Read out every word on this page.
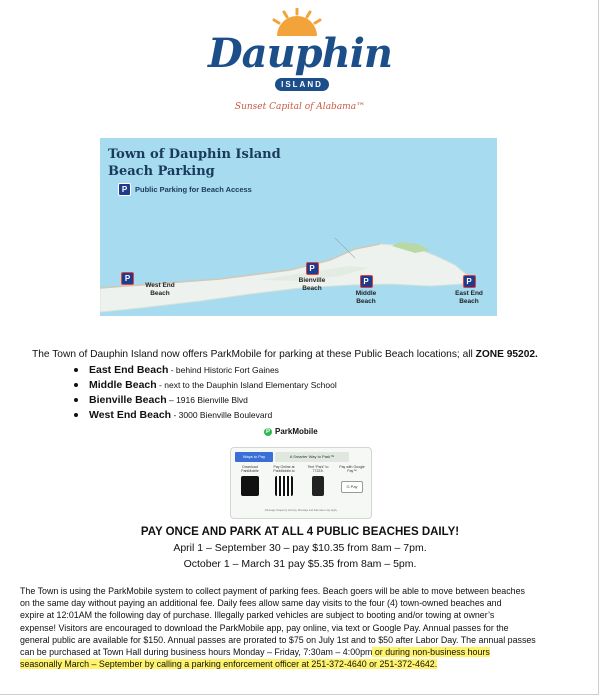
Dauphin
ISLAND
Sunset Capital of Alabama™
Town of Dauphin Island
Beach Parking
P	Public Parking for Beach Access
P
West End
Beach
P
Bienville
Beach
P
Middle
Beach
P
East End
Beach
The Town of Dauphin Island now offers ParkMobile for parking at these Public Beach locations; all ZONE 95202.
East End Beach - behind Historic Fort Gaines
Middle Beach - next to the Dauphin Island Elementary School
Bienville Beach – 1916 Bienville Blvd
West End Beach - 3000 Bienville Boulevard
P ParkMobile
Ways to Pay	A Smarter Way to Park™
Download ParkMobile
Pay Online at ParkMobile.io
Text “Park” to 77223¹
Pay with Google Pay™
G Pay
¹Message frequency will vary. Message and data rates may apply.
PAY ONCE AND PARK AT ALL 4 PUBLIC BEACHES DAILY!
April 1 – September 30 – pay $10.35 from 8am – 7pm.
October 1 – March 31 pay $5.35 from 8am – 5pm.
The Town is using the ParkMobile system to collect payment of parking fees. Beach goers will be able to move between beaches
on the same day without paying an additional fee. Daily fees allow same day visits to the four (4) town-owned beaches and
expire at 12:01AM the following day of purchase. Illegally parked vehicles are subject to booting and/or towing at owner’s
expense! Visitors are encouraged to download the ParkMobile app, pay online, via text or Google Pay. Annual passes for the
general public are available for $150. Annual passes are prorated to $75 on July 1st and to $50 after Labor Day. The annual passes
can be purchased at Town Hall during business hours Monday – Friday, 7:30am – 4:00pm or during non-business hours
seasonally March – September by calling a parking enforcement officer at 251-372-4640 or 251-372-4642.
